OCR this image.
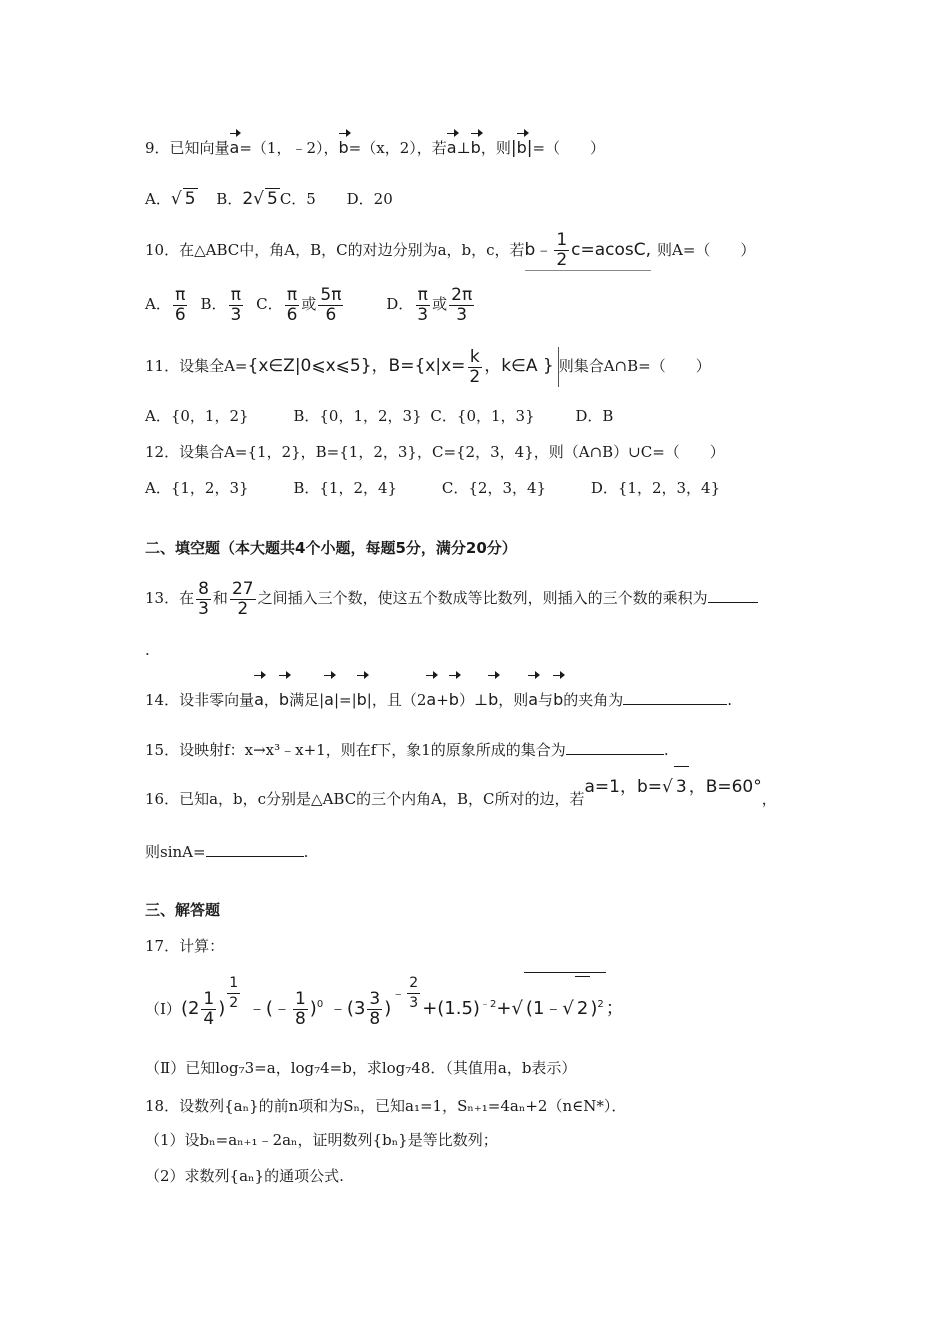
9．已知向量a=（1，﹣2），b=（x，2），若a⊥b，则|b|=（　　）
A．√ 5 B．2√ 5 C．5 D．20
10．在△ABC中，角A，B，C的对边分别为a，b，c，若b﹣ $\frac{1}{2} c=acosC$, 则A=（　　）
A． $\frac{\pi}{6}$ B． $\frac{\pi}{3}$ C． $\frac{\pi}{6}$ 或 $\frac{5\pi}{6}$	D． $\frac{\pi}{3}$ 或 $\frac{2\pi}{3}$
11．设集全A={x∈Z|0⩽x⩽5}，$B=\{x|x= \frac{k}{2}$ ，k∈A } 则集合A∩B=（　　）
A．{0，1，2}	B．{0，1，2，3} C．{0，1，3}	D．B
12．设集合A={1，2}，B={1，2，3}，C={2，3，4}，则（A∩B）∪C=（　　）
A．{1，2，3}	B．{1，2，4}	C．{2，3，4}	D．{1，2，3，4}
二、填空题（本大题共4个小题，每题5分，满分20分）
13．在 $\frac{8}{3}$ 和 $\frac{27}{2}$ 之间插入三个数，使这五个数成等比数列，则插入的三个数的乘积为
.
14．设非零向量a，b满足|a|=|b|，且（2a+b）⊥b，则a与b的夹角为	.
15．设映射f：x→x³﹣x+1，则在f下，象1的原象所成的集合为	.
16．已知a，b，c分别是△ABC的三个内角A，B，C所对的边，若a=1，b=√ 3 ，B=60°，
则sinA=	.
三、解答题
17．计算：
（Ⅰ）(2 $\frac{1}{4}$ ) $\frac{1}{2}$ ﹣(﹣ $\frac{1}{8} )^0$ ﹣(3 $\frac{3}{8} )^﹣ \frac{2}{3} +(1.5)^{﹣2}+√$ (1﹣√ 2 )$^2$ ；
（Ⅱ）已知log₇3=a，log₇4=b，求log₇48．（其值用a，b表示）
18．设数列{aₙ}的前n项和为Sₙ，已知a₁=1，Sₙ₊₁=4aₙ+2（n∈N*）．
（1）设bₙ=aₙ₊₁﹣2aₙ，证明数列{bₙ}是等比数列；
（2）求数列{aₙ}的通项公式.
